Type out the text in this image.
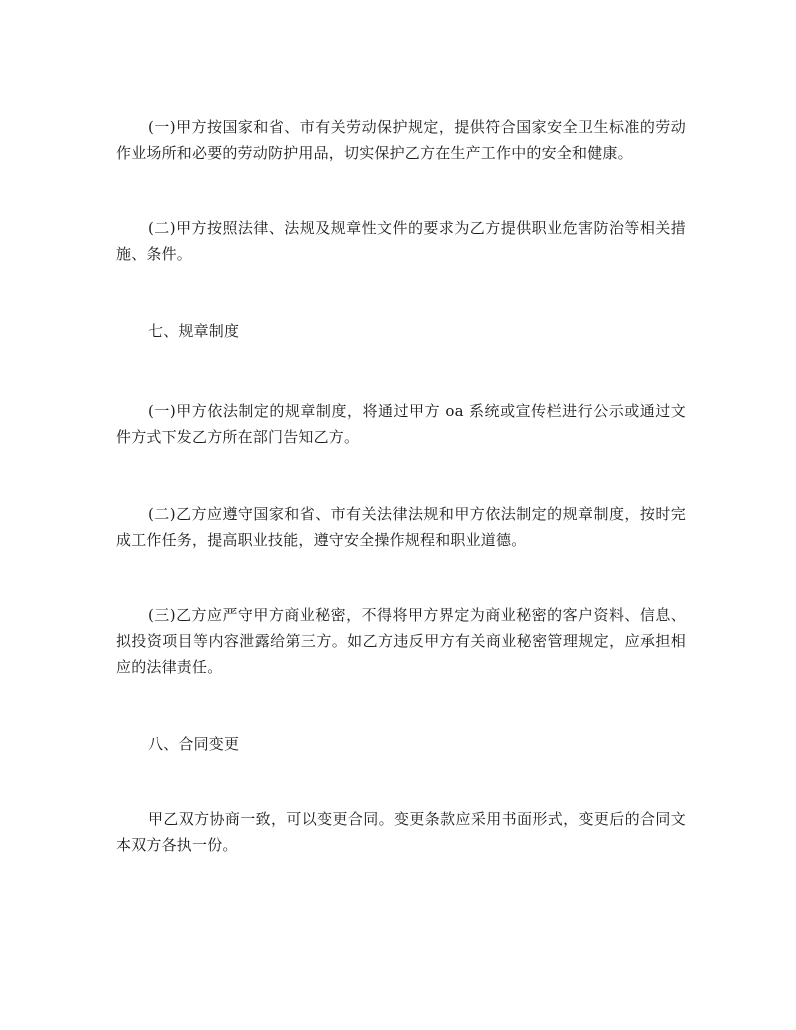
(一)甲方按国家和省、市有关劳动保护规定，提供符合国家安全卫生标准的劳动作业场所和必要的劳动防护用品，切实保护乙方在生产工作中的安全和健康。

(二)甲方按照法律、法规及规章性文件的要求为乙方提供职业危害防治等相关措施、条件。

七、规章制度

(一)甲方依法制定的规章制度，将通过甲方 oa 系统或宣传栏进行公示或通过文件方式下发乙方所在部门告知乙方。

(二)乙方应遵守国家和省、市有关法律法规和甲方依法制定的规章制度，按时完成工作任务，提高职业技能，遵守安全操作规程和职业道德。

(三)乙方应严守甲方商业秘密，不得将甲方界定为商业秘密的客户资料、信息、拟投资项目等内容泄露给第三方。如乙方违反甲方有关商业秘密管理规定，应承担相应的法律责任。

八、合同变更

甲乙双方协商一致，可以变更合同。变更条款应采用书面形式，变更后的合同文本双方各执一份。
